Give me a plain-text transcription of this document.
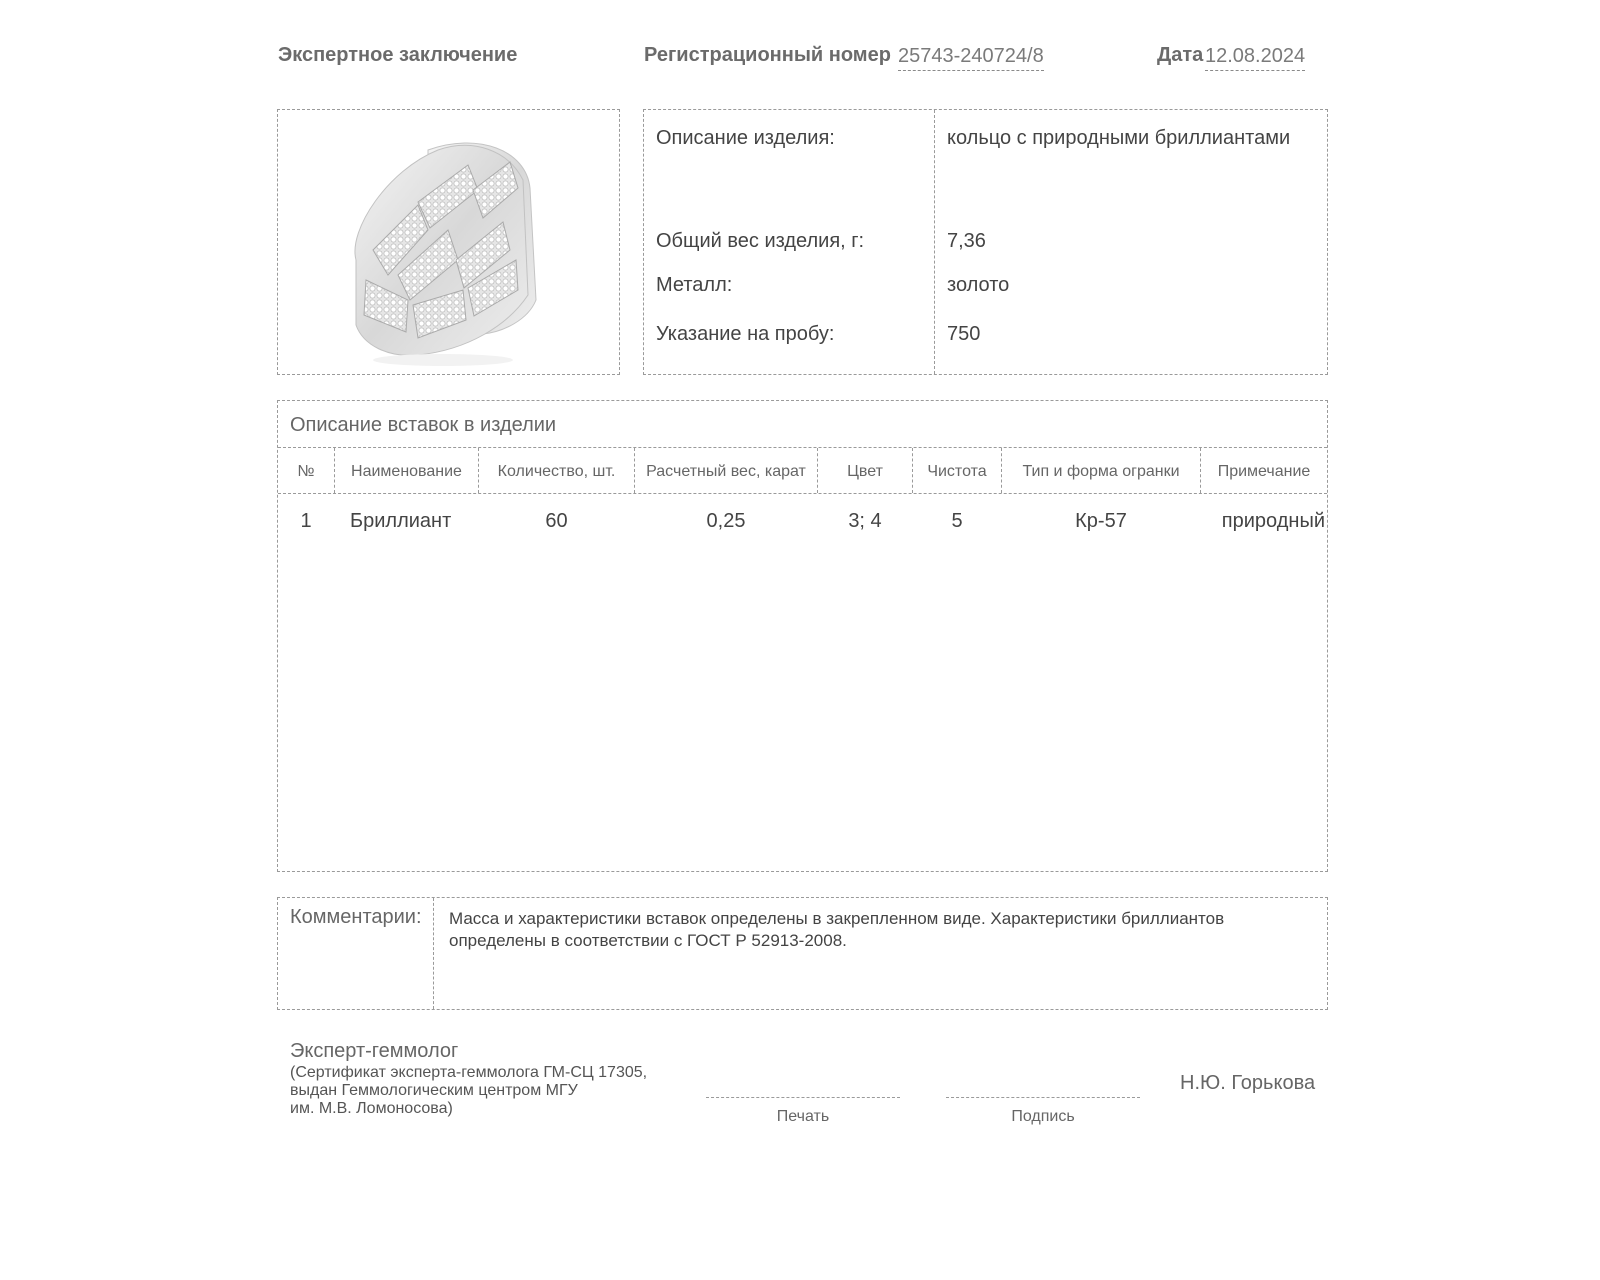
Экспертное заключение	Регистрационный номер 25743-240724/8	Дата 12.08.2024
Описание изделия:	кольцо с природными бриллиантами
Общий вес изделия, г:	7,36
Металл:	золото
Указание на пробу:	750
Описание вставок в изделии
№	Наименование	Количество, шт.	Расчетный вес, карат	Цвет	Чистота	Тип и форма огранки	Примечание
1	Бриллиант	60	0,25	3; 4	5	Кр-57	природный
Комментарии: Масса и характеристики вставок определены в закрепленном виде. Характеристики бриллиантов
определены в соответствии с ГОСТ Р 52913-2008.
Эксперт-геммолог
(Сертификат эксперта-геммолога ГМ-СЦ 17305,
выдан Геммологическим центром МГУ
им. М.В. Ломоносова)	Печать	Подпись
Н.Ю. Горькова
